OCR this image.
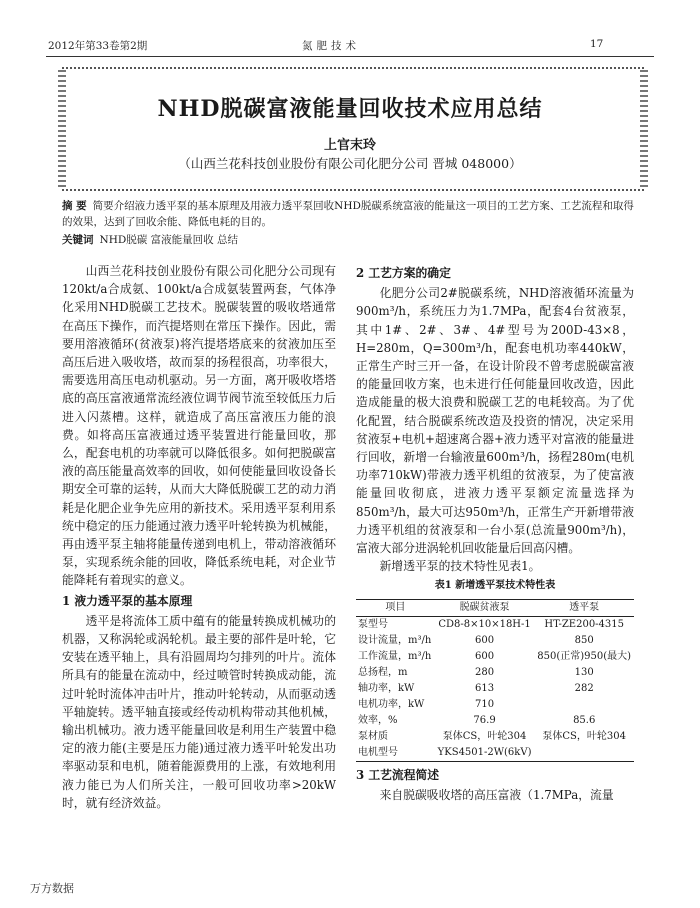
2012年第33卷第2期	氮肥技术	17
NHD脱碳富液能量回收技术应用总结
上官末玲
（山西兰花科技创业股份有限公司化肥分公司 晋城 048000）
摘 要 简要介绍液力透平泵的基本原理及用液力透平泵回收NHD脱碳系统富液的能量这一项目的工艺方案、工艺流程和取得的效果，达到了回收余能、降低电耗的目的。
关键词 NHD脱碳 富液能量回收 总结

山西兰花科技创业股份有限公司化肥分公司现有120kt/a合成氨、100kt/a合成氨装置两套，气体净化采用NHD脱碳工艺技术。脱碳装置的吸收塔通常在高压下操作，而汽提塔则在常压下操作。因此，需要用溶液循环(贫液泵)将汽提塔塔底来的贫液加压至高压后进入吸收塔，故而泵的扬程很高，功率很大，需要选用高压电动机驱动。另一方面，离开吸收塔塔底的高压富液通常流经液位调节阀节流至较低压力后进入闪蒸槽。这样，就造成了高压富液压力能的浪费。如将高压富液通过透平装置进行能量回收，那么，配套电机的功率就可以降低很多。如何把脱碳富液的高压能量高效率的回收，如何使能量回收设备长期安全可靠的运转，从而大大降低脱碳工艺的动力消耗是化肥企业争先应用的新技术。采用透平泵利用系统中稳定的压力能通过液力透平叶轮转换为机械能，再由透平泵主轴将能量传递到电机上，带动溶液循环泵，实现系统余能的回收，降低系统电耗，对企业节能降耗有着现实的意义。

1 液力透平泵的基本原理

透平是将流体工质中蕴有的能量转换成机械功的机器，又称涡轮或涡轮机。最主要的部件是叶轮，它安装在透平轴上，具有沿圆周均匀排列的叶片。流体所具有的能量在流动中，经过喷管时转换成动能，流过叶轮时流体冲击叶片，推动叶轮转动，从而驱动透平轴旋转。透平轴直接或经传动机构带动其他机械，输出机械功。液力透平能量回收是利用生产装置中稳定的液力能(主要是压力能)通过液力透平叶轮发出功率驱动泵和电机，随着能源费用的上涨，有效地利用液力能已为人们所关注，一般可回收功率>20kW时，就有经济效益。

2 工艺方案的确定

化肥分公司2#脱碳系统，NHD溶液循环流量为900m³/h，系统压力为1.7MPa，配套4台贫液泵，其中1#、2#、3#、4#型号为200D-43×8，H=280m，Q=300m³/h，配套电机功率440kW，正常生产时三开一备，在设计阶段不曾考虑脱碳富液的能量回收方案，也未进行任何能量回收改造，因此造成能量的极大浪费和脱碳工艺的电耗较高。为了优化配置，结合脱碳系统改造及投资的情况，决定采用贫液泵+电机+超速离合器+液力透平对富液的能量进行回收，新增一台输液量600m³/h，扬程280m(电机功率710kW)带液力透平机组的贫液泵，为了使富液能量回收彻底，进液力透平泵额定流量选择为850m³/h，最大可达950m³/h，正常生产开新增带液力透平机组的贫液泵和一台小泵(总流量900m³/h)，富液大部分进涡轮机回收能量后回高闪槽。

新增透平泵的技术特性见表1。

表1 新增透平泵技术特性表
项目	脱碳贫液泵	透平泵
泵型号	CD8-8×10×18H-1	HT-ZE200-4315
设计流量，m³/h	600	850
工作流量，m³/h	600	850(正常)950(最大)
总扬程，m	280	130
轴功率，kW	613	282
电机功率，kW	710	
效率，%	76.9	85.6
泵材质	泵体CS，叶轮304	泵体CS，叶轮304
电机型号	YKS4501-2W(6kV)	
3 工艺流程简述

来自脱碳吸收塔的高压富液（1.7MPa，流量

万方数据
